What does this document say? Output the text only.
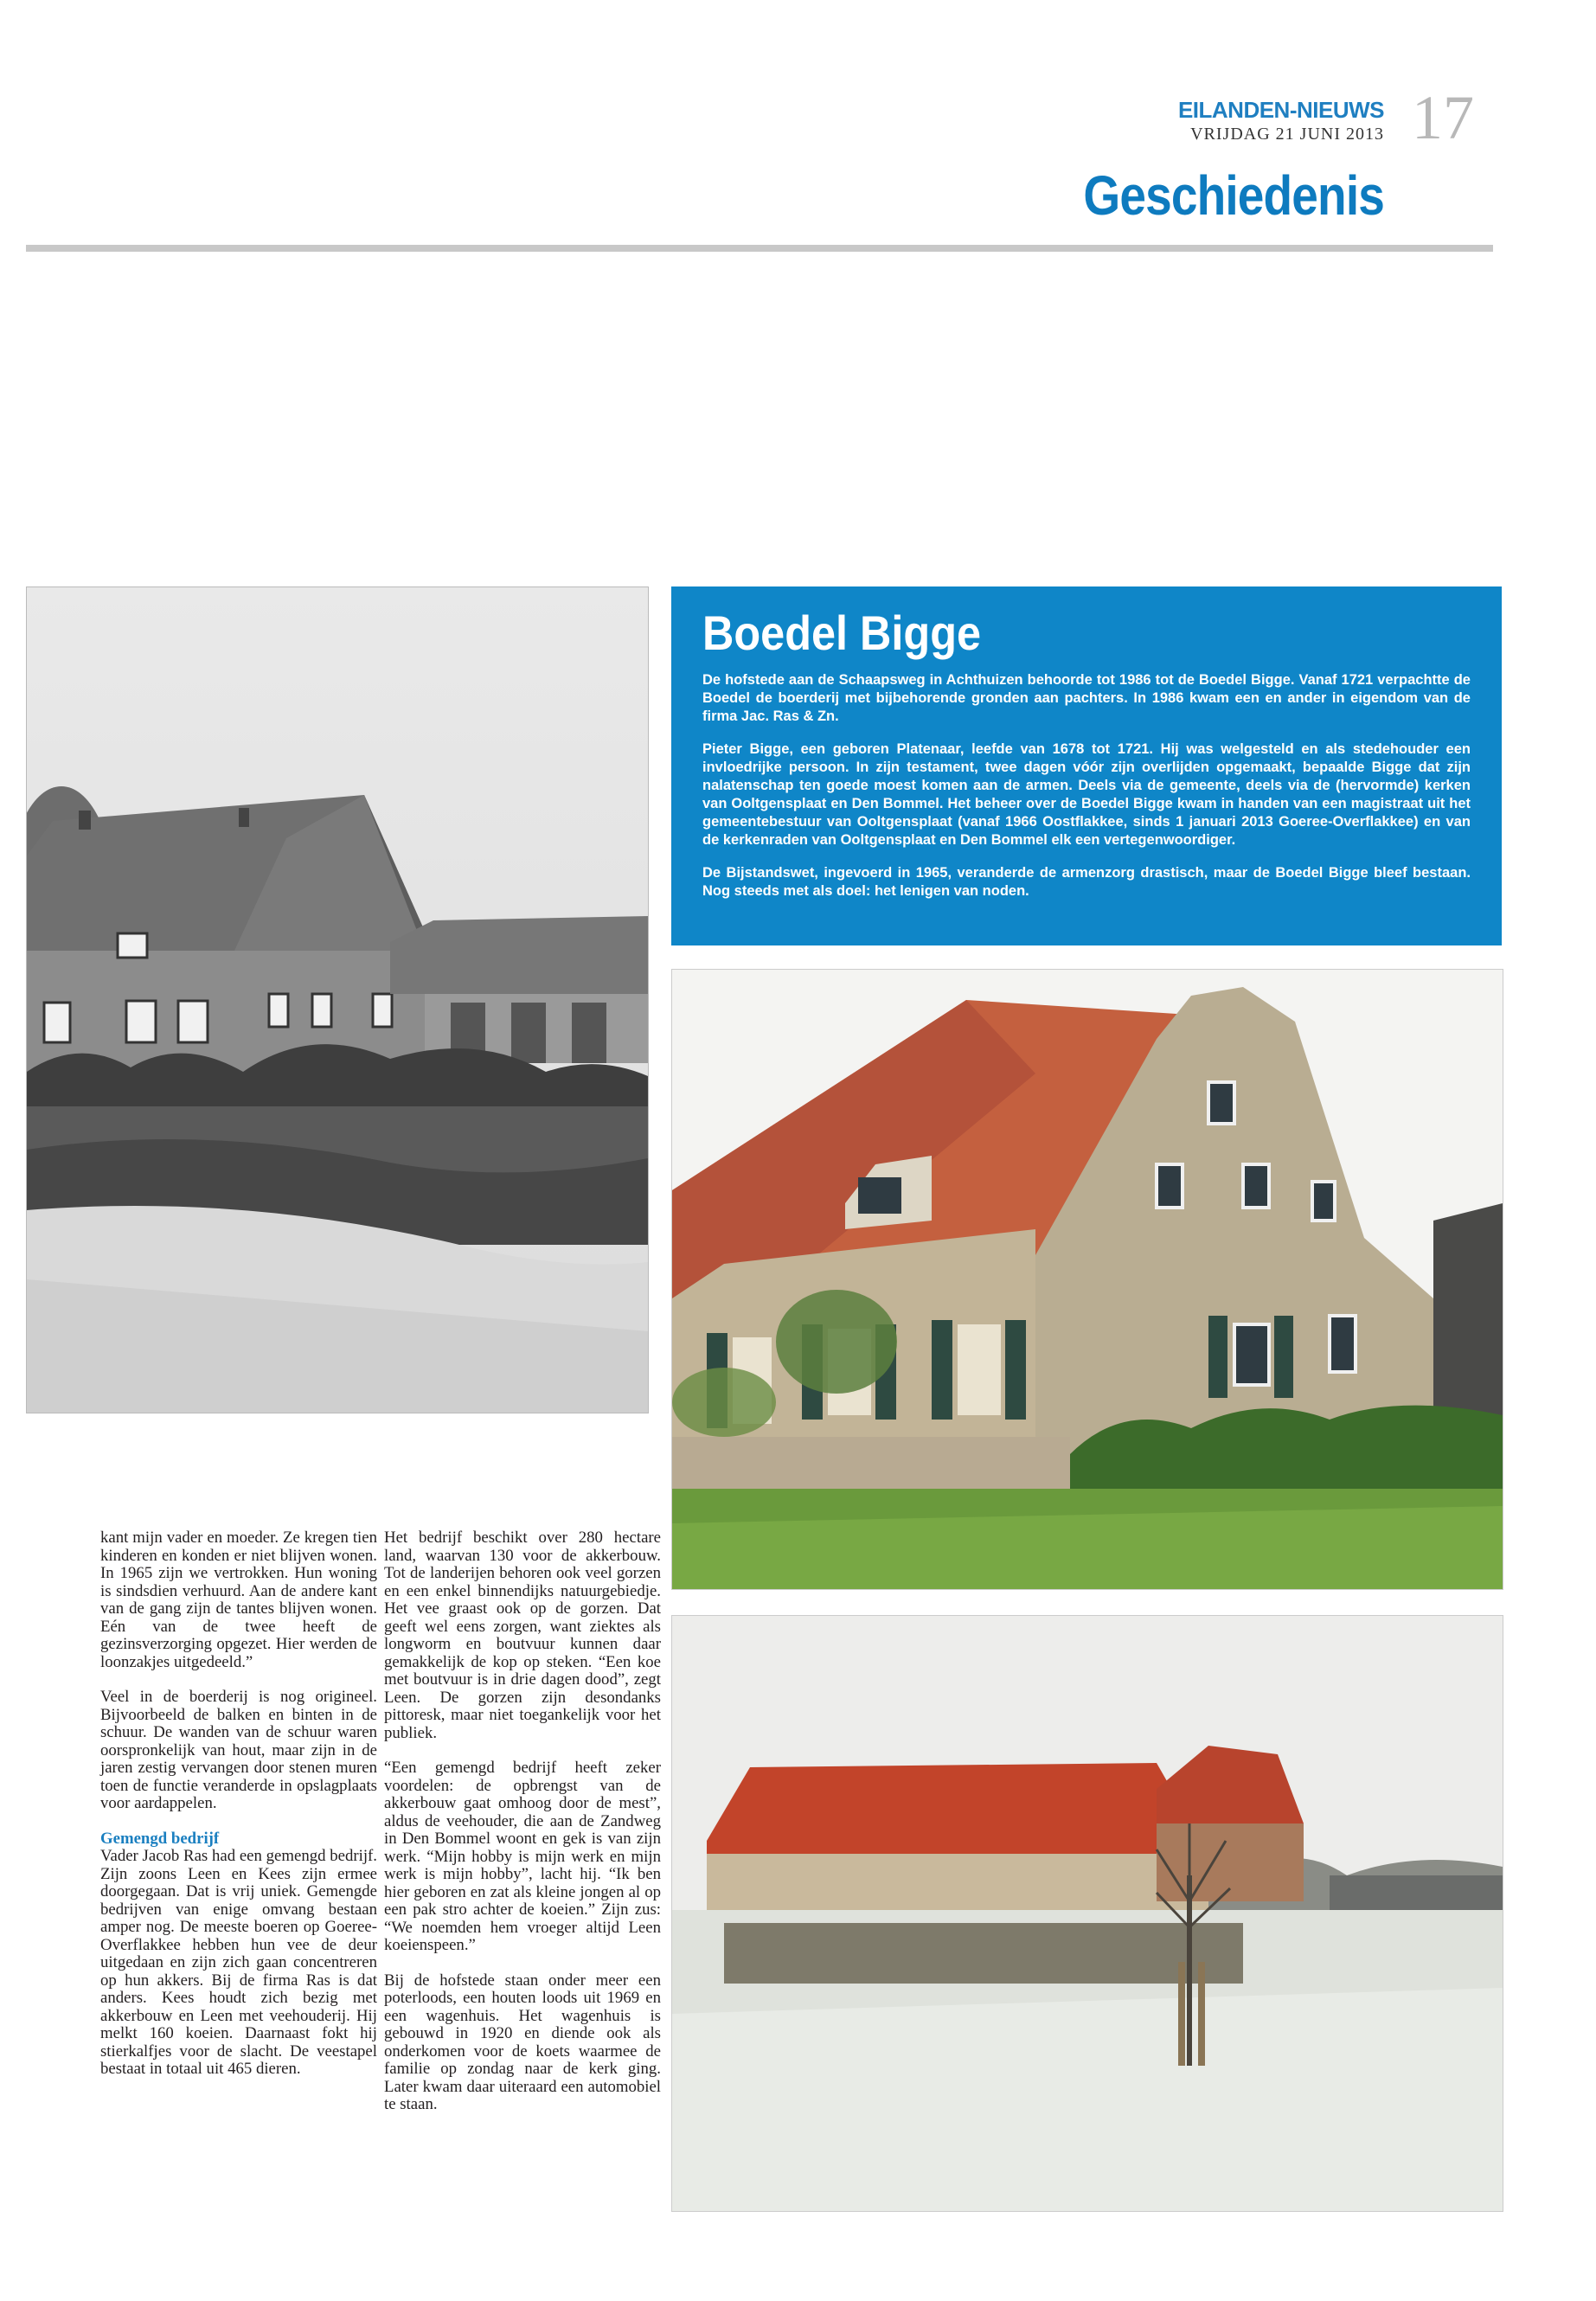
EILANDEN-NIEUWS
VRIJDAG 21 JUNI 2013 17
Geschiedenis
Boedel Bigge

De hofstede aan de Schaapsweg in Achthuizen behoorde tot 1986 tot de Boedel Bigge. Vanaf 1721 verpachtte de Boedel de boerderij met bijbehorende gronden aan pachters. In 1986 kwam een en ander in eigendom van de firma Jac. Ras & Zn.

Pieter Bigge, een geboren Platenaar, leefde van 1678 tot 1721. Hij was welgesteld en als stedehouder een invloedrijke persoon. In zijn testament, twee dagen vóór zijn overlijden opgemaakt, bepaalde Bigge dat zijn nalatenschap ten goede moest komen aan de armen. Deels via de gemeente, deels via de (hervormde) kerken van Ooltgensplaat en Den Bommel. Het beheer over de Boedel Bigge kwam in handen van een magistraat uit het gemeentebestuur van Ooltgensplaat (vanaf 1966 Oostflakkee, sinds 1 januari 2013 Goeree-Overflakkee) en van de kerkenraden van Ooltgensplaat en Den Bommel elk een vertegenwoordiger.

De Bijstandswet, ingevoerd in 1965, veranderde de armenzorg drastisch, maar de Boedel Bigge bleef bestaan. Nog steeds met als doel: het lenigen van noden.

kant mijn vader en moeder. Ze kregen tien kinderen en konden er niet blijven wonen. In 1965 zijn we vertrokken. Hun woning is sindsdien verhuurd. Aan de andere kant van de gang zijn de tantes blijven wonen. Eén van de twee heeft de gezinsverzorging opgezet. Hier werden de loonzakjes uitgedeeld.”

Veel in de boerderij is nog origineel. Bijvoorbeeld de balken en binten in de schuur. De wanden van de schuur waren oorspronkelijk van hout, maar zijn in de jaren zestig vervangen door stenen muren toen de functie veranderde in opslagplaats voor aardappelen.

Gemengd bedrijf

Vader Jacob Ras had een gemengd bedrijf. Zijn zoons Leen en Kees zijn ermee doorgegaan. Dat is vrij uniek. Gemengde bedrijven van enige omvang bestaan amper nog. De meeste boeren op Goeree-Overflakkee hebben hun vee de deur uitgedaan en zijn zich gaan concentreren op hun akkers. Bij de firma Ras is dat anders. Kees houdt zich bezig met akkerbouw en Leen met veehouderij. Hij melkt 160 koeien. Daarnaast fokt hij stierkalfjes voor de slacht. De veestapel bestaat in totaal uit 465 dieren.

Het bedrijf beschikt over 280 hectare land, waarvan 130 voor de akkerbouw. Tot de landerijen behoren ook veel gorzen en een enkel binnendijks natuurgebiedje. Het vee graast ook op de gorzen. Dat geeft wel eens zorgen, want ziektes als longworm en boutvuur kunnen daar gemakkelijk de kop op steken. “Een koe met boutvuur is in drie dagen dood”, zegt Leen. De gorzen zijn desondanks pittoresk, maar niet toegankelijk voor het publiek.

“Een gemengd bedrijf heeft zeker voordelen: de opbrengst van de akkerbouw gaat omhoog door de mest”, aldus de veehouder, die aan de Zandweg in Den Bommel woont en gek is van zijn werk. “Mijn hobby is mijn werk en mijn werk is mijn hobby”, lacht hij. “Ik ben hier geboren en zat als kleine jongen al op een pak stro achter de koeien.” Zijn zus: “We noemden hem vroeger altijd Leen koeienspeen.”

Bij de hofstede staan onder meer een poterloods, een houten loods uit 1969 en een wagenhuis. Het wagenhuis is gebouwd in 1920 en diende ook als onderkomen voor de koets waarmee de familie op zondag naar de kerk ging. Later kwam daar uiteraard een automobiel te staan.
